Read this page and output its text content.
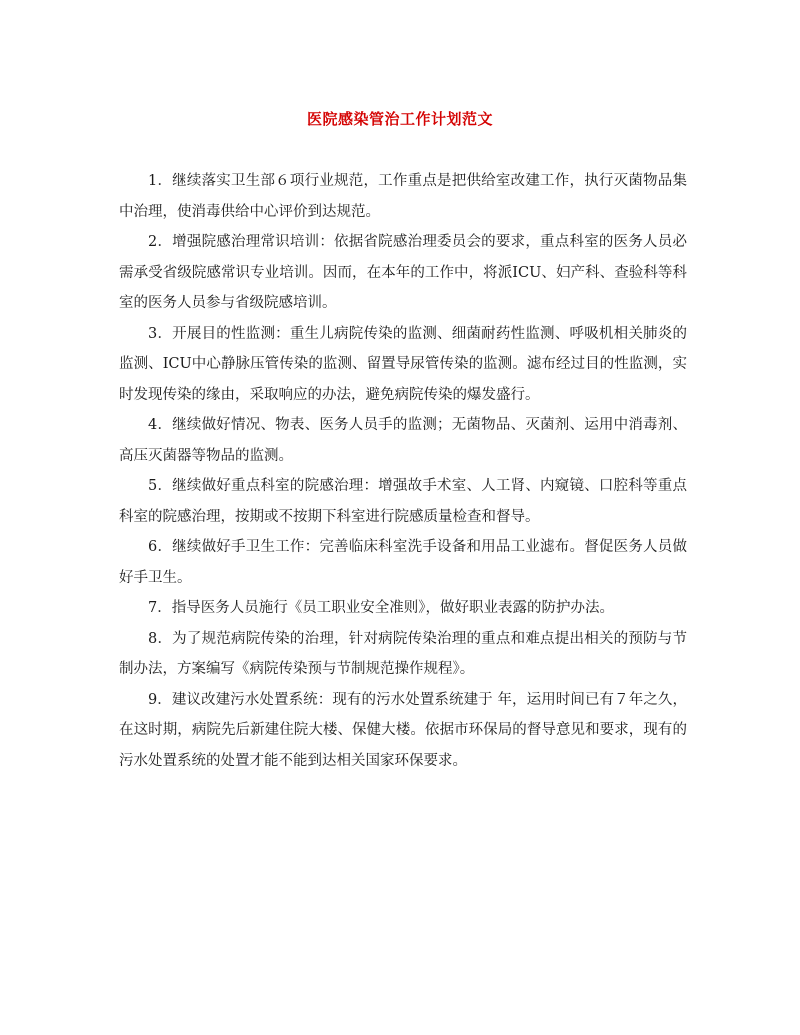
医院感染管治工作计划范文

1．继续落实卫生部６项行业规范，工作重点是把供给室改建工作，执行灭菌物品集中治理，使消毒供给中心评价到达规范。

2．增强院感治理常识培训：依据省院感治理委员会的要求，重点科室的医务人员必需承受省级院感常识专业培训。因而，在本年的工作中，将派ICU、妇产科、查验科等科室的医务人员参与省级院感培训。

3．开展目的性监测：重生儿病院传染的监测、细菌耐药性监测、呼吸机相关肺炎的监测、ICU中心静脉压管传染的监测、留置导尿管传染的监测。滤布经过目的性监测，实时发现传染的缘由，采取响应的办法，避免病院传染的爆发盛行。

4．继续做好情况、物表、医务人员手的监测；无菌物品、灭菌剂、运用中消毒剂、高压灭菌器等物品的监测。

5．继续做好重点科室的院感治理：增强故手术室、人工肾、内窥镜、口腔科等重点科室的院感治理，按期或不按期下科室进行院感质量检查和督导。

6．继续做好手卫生工作：完善临床科室洗手设备和用品工业滤布。督促医务人员做好手卫生。

7．指导医务人员施行《员工职业安全准则》，做好职业表露的防护办法。

8．为了规范病院传染的治理，针对病院传染治理的重点和难点提出相关的预防与节制办法，方案编写《病院传染预与节制规范操作规程》。

9．建议改建污水处置系统：现有的污水处置系统建于 年，运用时间已有７年之久，在这时期，病院先后新建住院大楼、保健大楼。依据市环保局的督导意见和要求，现有的污水处置系统的处置才能不能到达相关国家环保要求。
